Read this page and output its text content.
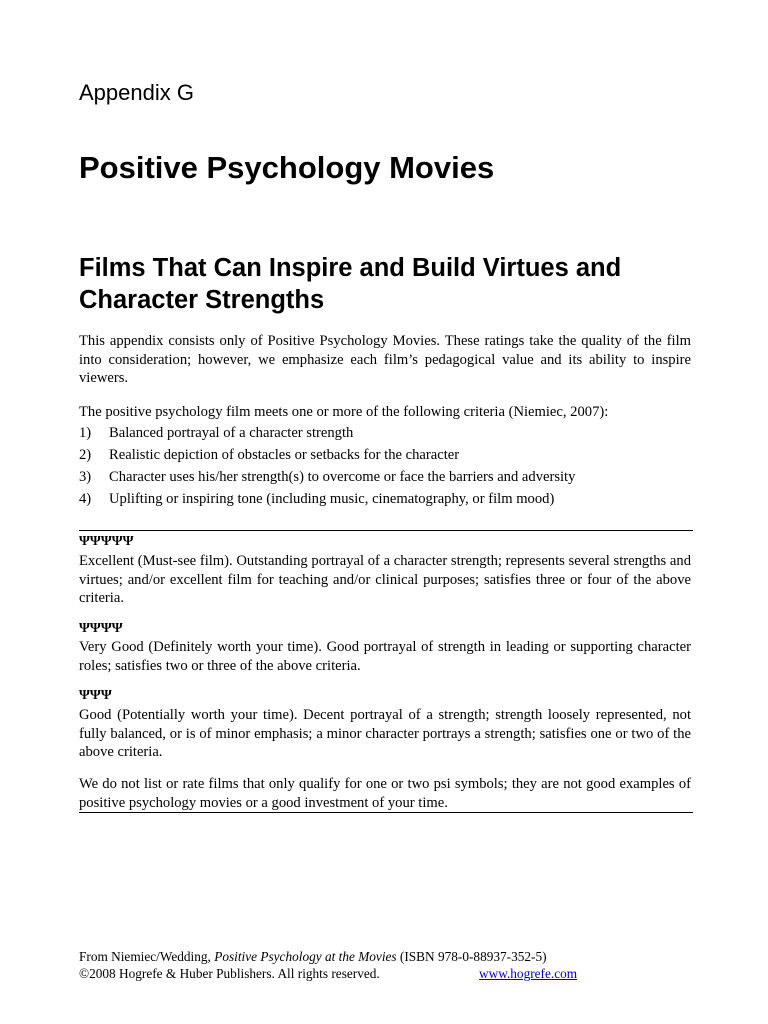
Appendix G
Positive Psychology Movies
Films That Can Inspire and Build Virtues and Character Strengths

This appendix consists only of Positive Psychology Movies. These ratings take the quality of the film into consideration; however, we emphasize each film’s pedagogical value and its ability to inspire viewers.

The positive psychology film meets one or more of the following criteria (Niemiec, 2007):

1)	Balanced portrayal of a character strength
2)	Realistic depiction of obstacles or setbacks for the character
3)	Character uses his/her strength(s) to overcome or face the barriers and adversity
4)	Uplifting or inspiring tone (including music, cinematography, or film mood)
ΨΨΨΨΨ

Excellent (Must-see film). Outstanding portrayal of a character strength; represents several strengths and virtues; and/or excellent film for teaching and/or clinical purposes; satisfies three or four of the above criteria.

ΨΨΨΨ

Very Good (Definitely worth your time). Good portrayal of strength in leading or supporting character roles; satisfies two or three of the above criteria.

ΨΨΨ

Good (Potentially worth your time). Decent portrayal of a strength; strength loosely represented, not fully balanced, or is of minor emphasis; a minor character portrays a strength; satisfies one or two of the above criteria.

We do not list or rate films that only qualify for one or two psi symbols; they are not good examples of positive psychology movies or a good investment of your time.

From Niemiec/Wedding, Positive Psychology at the Movies (ISBN 978-0-88937-352-5)
©2008 Hogrefe & Huber Publishers. All rights reserved.	www.hogrefe.com
